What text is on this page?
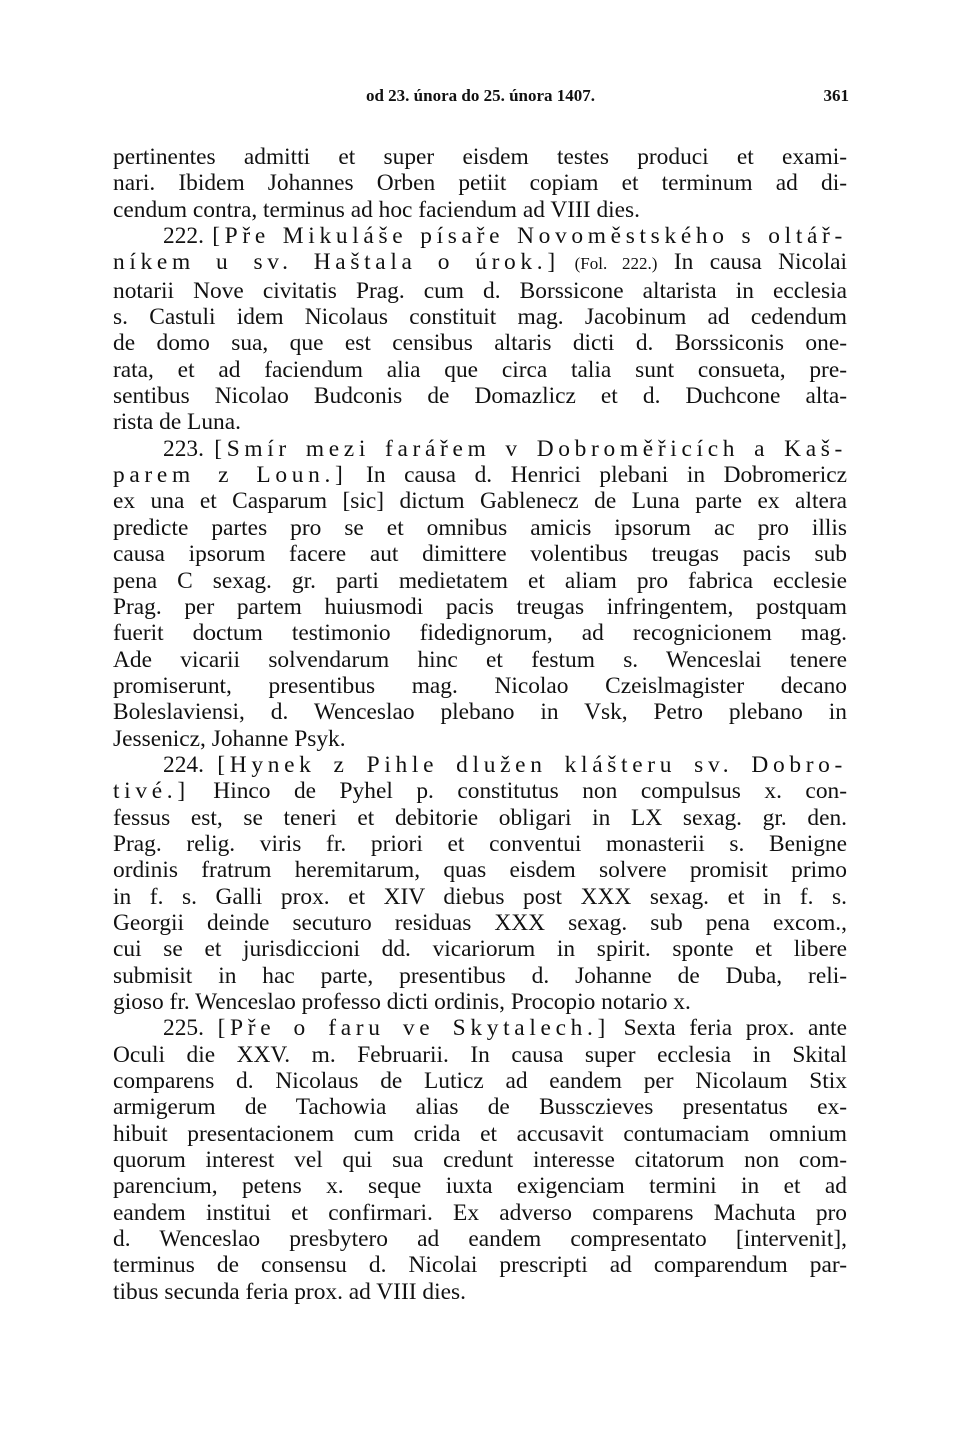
od 23. února do 25. února 1407.	361
pertinentes admitti et super eisdem testes produci et exami-
nari. Ibidem Johannes Orben petiit copiam et terminum ad di-
cendum contra, terminus ad hoc faciendum ad VIII dies.
222. [Pře Mikuláše písaře Novoměstského s oltář-
níkem u sv. Haštala o úrok.] (Fol. 222.) In causa Nicolai
notarii Nove civitatis Prag. cum d. Borssicone altarista in ecclesia
s. Castuli idem Nicolaus constituit mag. Jacobinum ad cedendum
de domo sua, que est censibus altaris dicti d. Borssiconis one-
rata, et ad faciendum alia que circa talia sunt consueta, pre-
sentibus Nicolao Budconis de Domazlicz et d. Duchcone alta-
rista de Luna.
223. [Smír mezi farářem v Dobroměřicích a Kaš-
parem z Loun.] In causa d. Henrici plebani in Dobromericz
ex una et Casparum [sic] dictum Gablenecz de Luna parte ex altera
predicte partes pro se et omnibus amicis ipsorum ac pro illis
causa ipsorum facere aut dimittere volentibus treugas pacis sub
pena C sexag. gr. parti medietatem et aliam pro fabrica ecclesie
Prag. per partem huiusmodi pacis treugas infringentem, postquam
fuerit doctum testimonio fidedignorum, ad recognicionem mag.
Ade vicarii solvendarum hinc et festum s. Wenceslai tenere
promiserunt, presentibus mag. Nicolao Czeislmagister decano
Boleslaviensi, d. Wenceslao plebano in Vsk, Petro plebano in
Jessenicz, Johanne Psyk.
224. [Hynek z Pihle dlužen klášteru sv. Dobro-
tivé.] Hinco de Pyhel p. constitutus non compulsus x. con-
fessus est, se teneri et debitorie obligari in LX sexag. gr. den.
Prag. relig. viris fr. priori et conventui monasterii s. Benigne
ordinis fratrum heremitarum, quas eisdem solvere promisit primo
in f. s. Galli prox. et XIV diebus post XXX sexag. et in f. s.
Georgii deinde secuturo residuas XXX sexag. sub pena excom.,
cui se et jurisdiccioni dd. vicariorum in spirit. sponte et libere
submisit in hac parte, presentibus d. Johanne de Duba, reli-
gioso fr. Wenceslao professo dicti ordinis, Procopio notario x.
225. [Pře o faru ve Skytalech.] Sexta feria prox. ante
Oculi die XXV. m. Februarii. In causa super ecclesia in Skital
comparens d. Nicolaus de Luticz ad eandem per Nicolaum Stix
armigerum de Tachowia alias de Bussczieves presentatus ex-
hibuit presentacionem cum crida et accusavit contumaciam omnium
quorum interest vel qui sua credunt interesse citatorum non com-
parencium, petens x. seque iuxta exigenciam termini in et ad
eandem institui et confirmari. Ex adverso comparens Machuta pro
d. Wenceslao presbytero ad eandem compresentato [intervenit],
terminus de consensu d. Nicolai prescripti ad comparendum par-
tibus secunda feria prox. ad VIII dies.
